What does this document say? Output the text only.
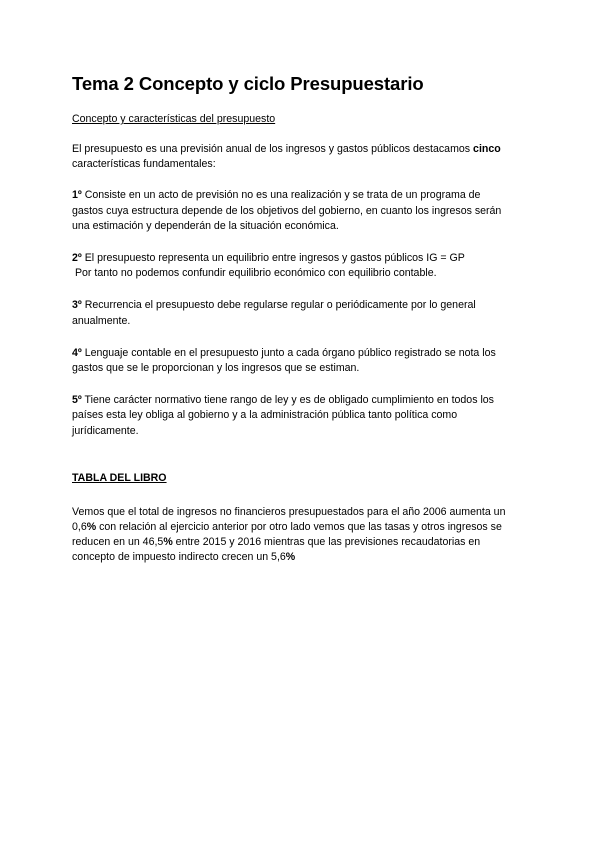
Tema 2 Concepto y ciclo Presupuestario

Concepto y características del presupuesto

El presupuesto es una previsión anual de los ingresos y gastos públicos destacamos cinco
características fundamentales:

1º Consiste en un acto de previsión no es una realización y se trata de un programa de
gastos cuya estructura depende de los objetivos del gobierno, en cuanto los ingresos serán
una estimación y dependerán de la situación económica.

2º El presupuesto representa un equilibrio entre ingresos y gastos públicos IG = GP
Por tanto no podemos confundir equilibrio económico con equilibrio contable.

3º Recurrencia el presupuesto debe regularse regular o periódicamente por lo general
anualmente.

4º Lenguaje contable en el presupuesto junto a cada órgano público registrado se nota los
gastos que se le proporcionan y los ingresos que se estiman.

5º Tiene carácter normativo tiene rango de ley y es de obligado cumplimiento en todos los
países esta ley obliga al gobierno y a la administración pública tanto política como
jurídicamente.

TABLA DEL LIBRO

Vemos que el total de ingresos no financieros presupuestados para el año 2006 aumenta un
0,6% con relación al ejercicio anterior por otro lado vemos que las tasas y otros ingresos se
reducen en un 46,5% entre 2015 y 2016 mientras que las previsiones recaudatorias en
concepto de impuesto indirecto crecen un 5,6%
